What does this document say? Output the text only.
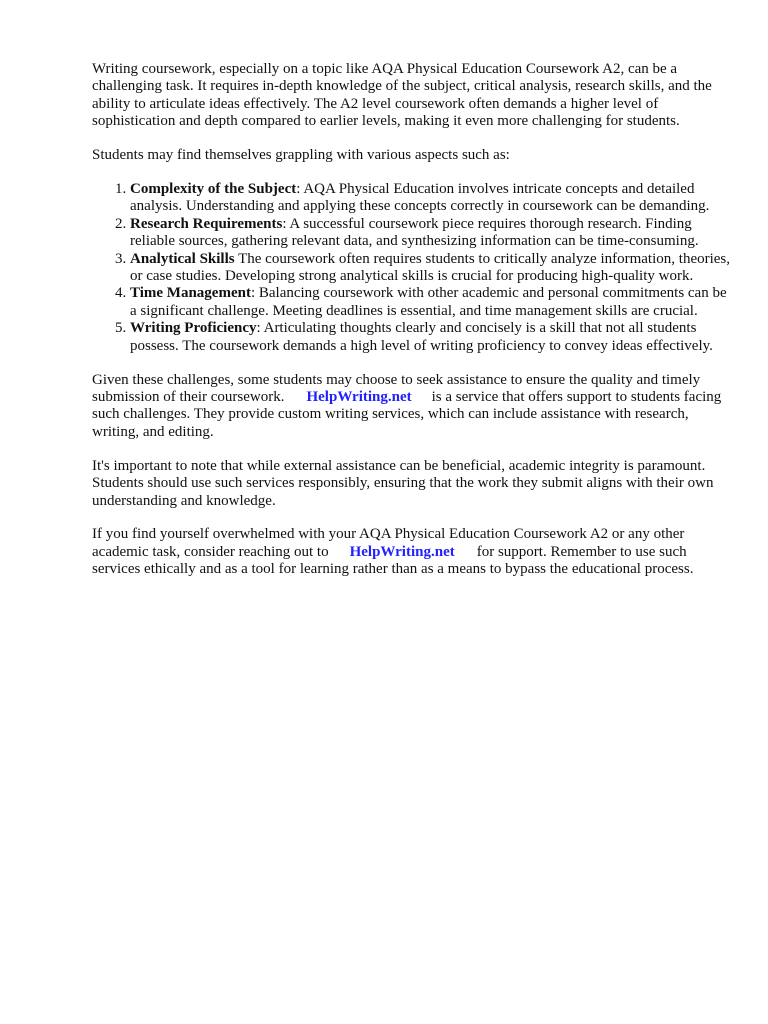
Writing coursework, especially on a topic like AQA Physical Education Coursework A2, can be a challenging task. It requires in-depth knowledge of the subject, critical analysis, research skills, and the ability to articulate ideas effectively. The A2 level coursework often demands a higher level of sophistication and depth compared to earlier levels, making it even more challenging for students.

Students may find themselves grappling with various aspects such as:

1. Complexity of the Subject: AQA Physical Education involves intricate concepts and detailed analysis. Understanding and applying these concepts correctly in coursework can be demanding.
2. Research Requirements: A successful coursework piece requires thorough research. Finding reliable sources, gathering relevant data, and synthesizing information can be time-consuming.
3. Analytical Skills The coursework often requires students to critically analyze information, theories, or case studies. Developing strong analytical skills is crucial for producing high-quality work.
4. Time Management: Balancing coursework with other academic and personal commitments can be a significant challenge. Meeting deadlines is essential, and time management skills are crucial.
5. Writing Proficiency: Articulating thoughts clearly and concisely is a skill that not all students possess. The coursework demands a high level of writing proficiency to convey ideas effectively.

Given these challenges, some students may choose to seek assistance to ensure the quality and timely submission of their coursework. HelpWriting.net is a service that offers support to students facing such challenges. They provide custom writing services, which can include assistance with research, writing, and editing.

It's important to note that while external assistance can be beneficial, academic integrity is paramount. Students should use such services responsibly, ensuring that the work they submit aligns with their own understanding and knowledge.

If you find yourself overwhelmed with your AQA Physical Education Coursework A2 or any other academic task, consider reaching out to HelpWriting.net for support. Remember to use such services ethically and as a tool for learning rather than as a means to bypass the educational process.
